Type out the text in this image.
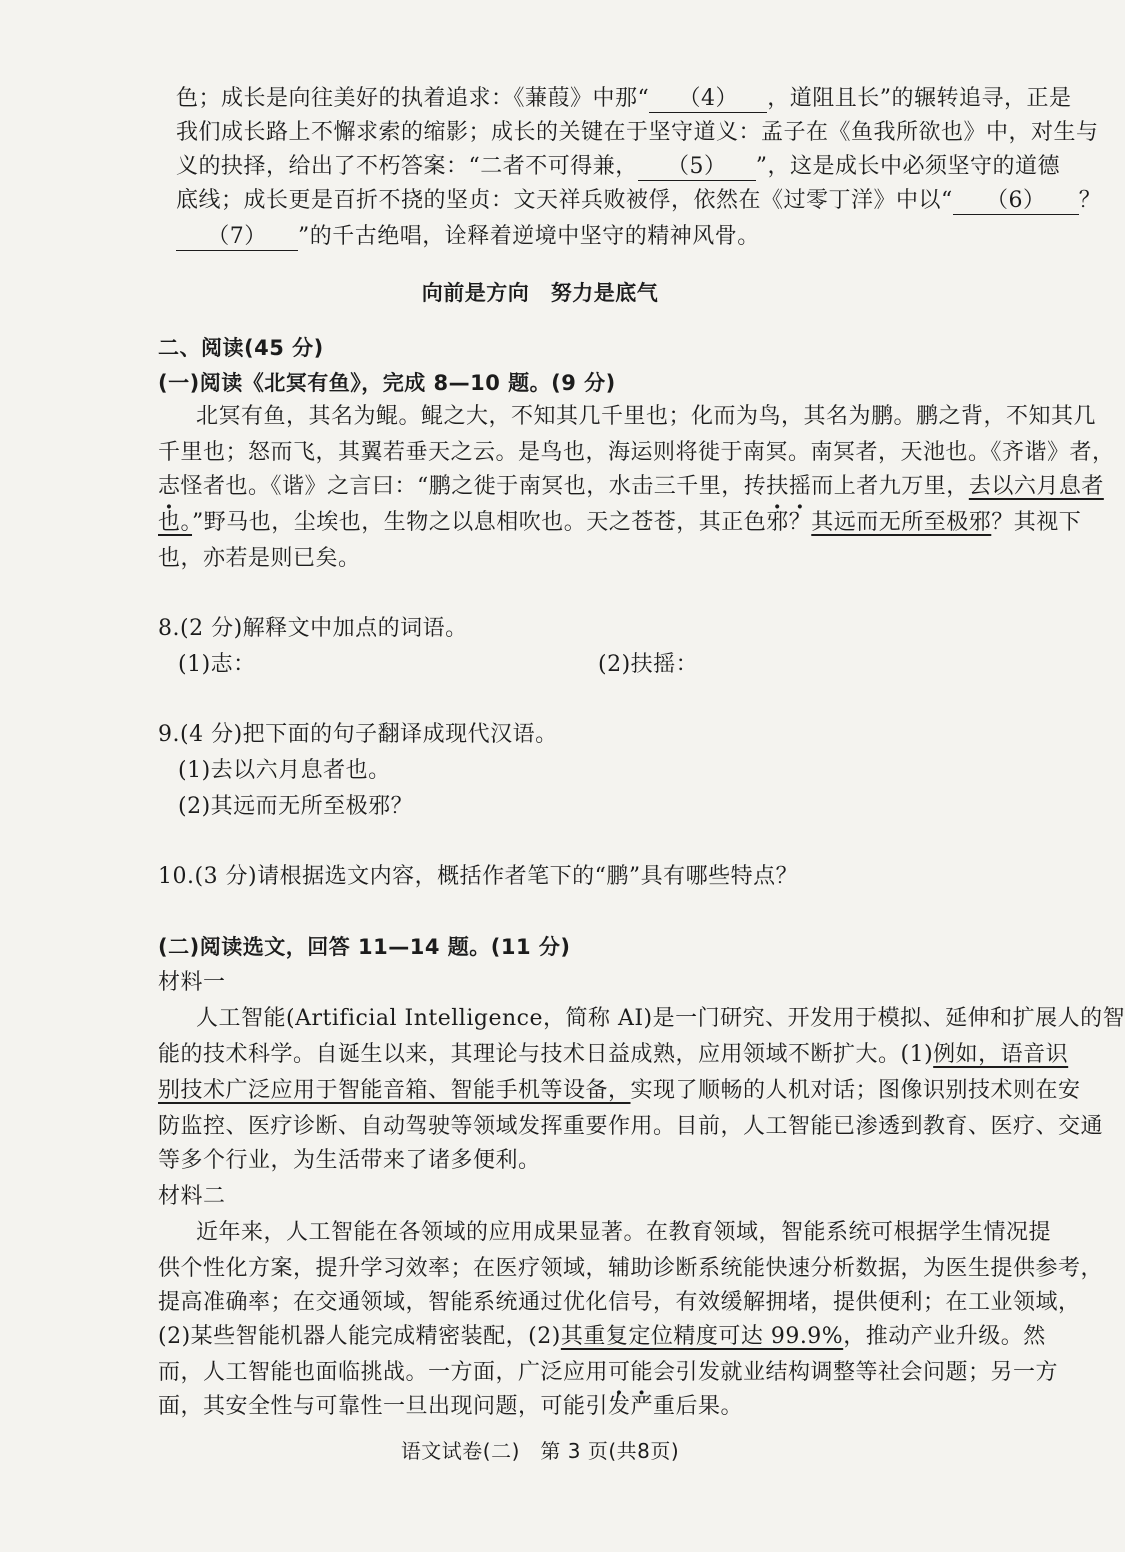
色；成长是向往美好的执着追求：《蒹葭》中那“ （4） ，道阻且长”的辗转追寻，正是
我们成长路上不懈求索的缩影；成长的关键在于坚守道义：孟子在《鱼我所欲也》中，对生与
义的抉择，给出了不朽答案：“二者不可得兼， （5） ”，这是成长中必须坚守的道德
底线；成长更是百折不挠的坚贞：文天祥兵败被俘，依然在《过零丁洋》中以“ （6） ？
（7） ”的千古绝唱，诠释着逆境中坚守的精神风骨。
向前是方向　努力是底气
二、阅读(45 分)
(一)阅读《北冥有鱼》，完成 8—10 题。(9 分)
北冥有鱼，其名为鲲。鲲之大，不知其几千里也；化而为鸟，其名为鹏。鹏之背，不知其几
千里也；怒而飞，其翼若垂天之云。是鸟也，海运则将徙于南冥。南冥者，天池也。《齐谐》者，
志怪者也。《谐》之言曰：“鹏之徙于南冥也，水击三千里，抟扶摇而上者九万里，去以六月息者
也。”野马也，尘埃也，生物之以息相吹也。天之苍苍，其正色邪？其远而无所至极邪？其视下
也，亦若是则已矣。
8.(2 分)解释文中加点的词语。
(1)志：	(2)扶摇：
9.(4 分)把下面的句子翻译成现代汉语。
(1)去以六月息者也。
(2)其远而无所至极邪？
10.(3 分)请根据选文内容，概括作者笔下的“鹏”具有哪些特点？
(二)阅读选文，回答 11—14 题。(11 分)
材料一
人工智能(Artificial Intelligence，简称 AI)是一门研究、开发用于模拟、延伸和扩展人的智
能的技术科学。自诞生以来，其理论与技术日益成熟，应用领域不断扩大。(1)例如，语音识
别技术广泛应用于智能音箱、智能手机等设备，实现了顺畅的人机对话；图像识别技术则在安
防监控、医疗诊断、自动驾驶等领域发挥重要作用。目前，人工智能已渗透到教育、医疗、交通
等多个行业，为生活带来了诸多便利。
材料二
近年来，人工智能在各领域的应用成果显著。在教育领域，智能系统可根据学生情况提
供个性化方案，提升学习效率；在医疗领域，辅助诊断系统能快速分析数据，为医生提供参考，
提高准确率；在交通领域，智能系统通过优化信号，有效缓解拥堵，提供便利；在工业领域，
(2)某些智能机器人能完成精密装配，(2)其重复定位精度可达 99.9%，推动产业升级。然
而，人工智能也面临挑战。一方面，广泛应用可能会引发就业结构调整等社会问题；另一方
面，其安全性与可靠性一旦出现问题，可能引发严重后果。
语文试卷(二)　第 3 页(共8页)
